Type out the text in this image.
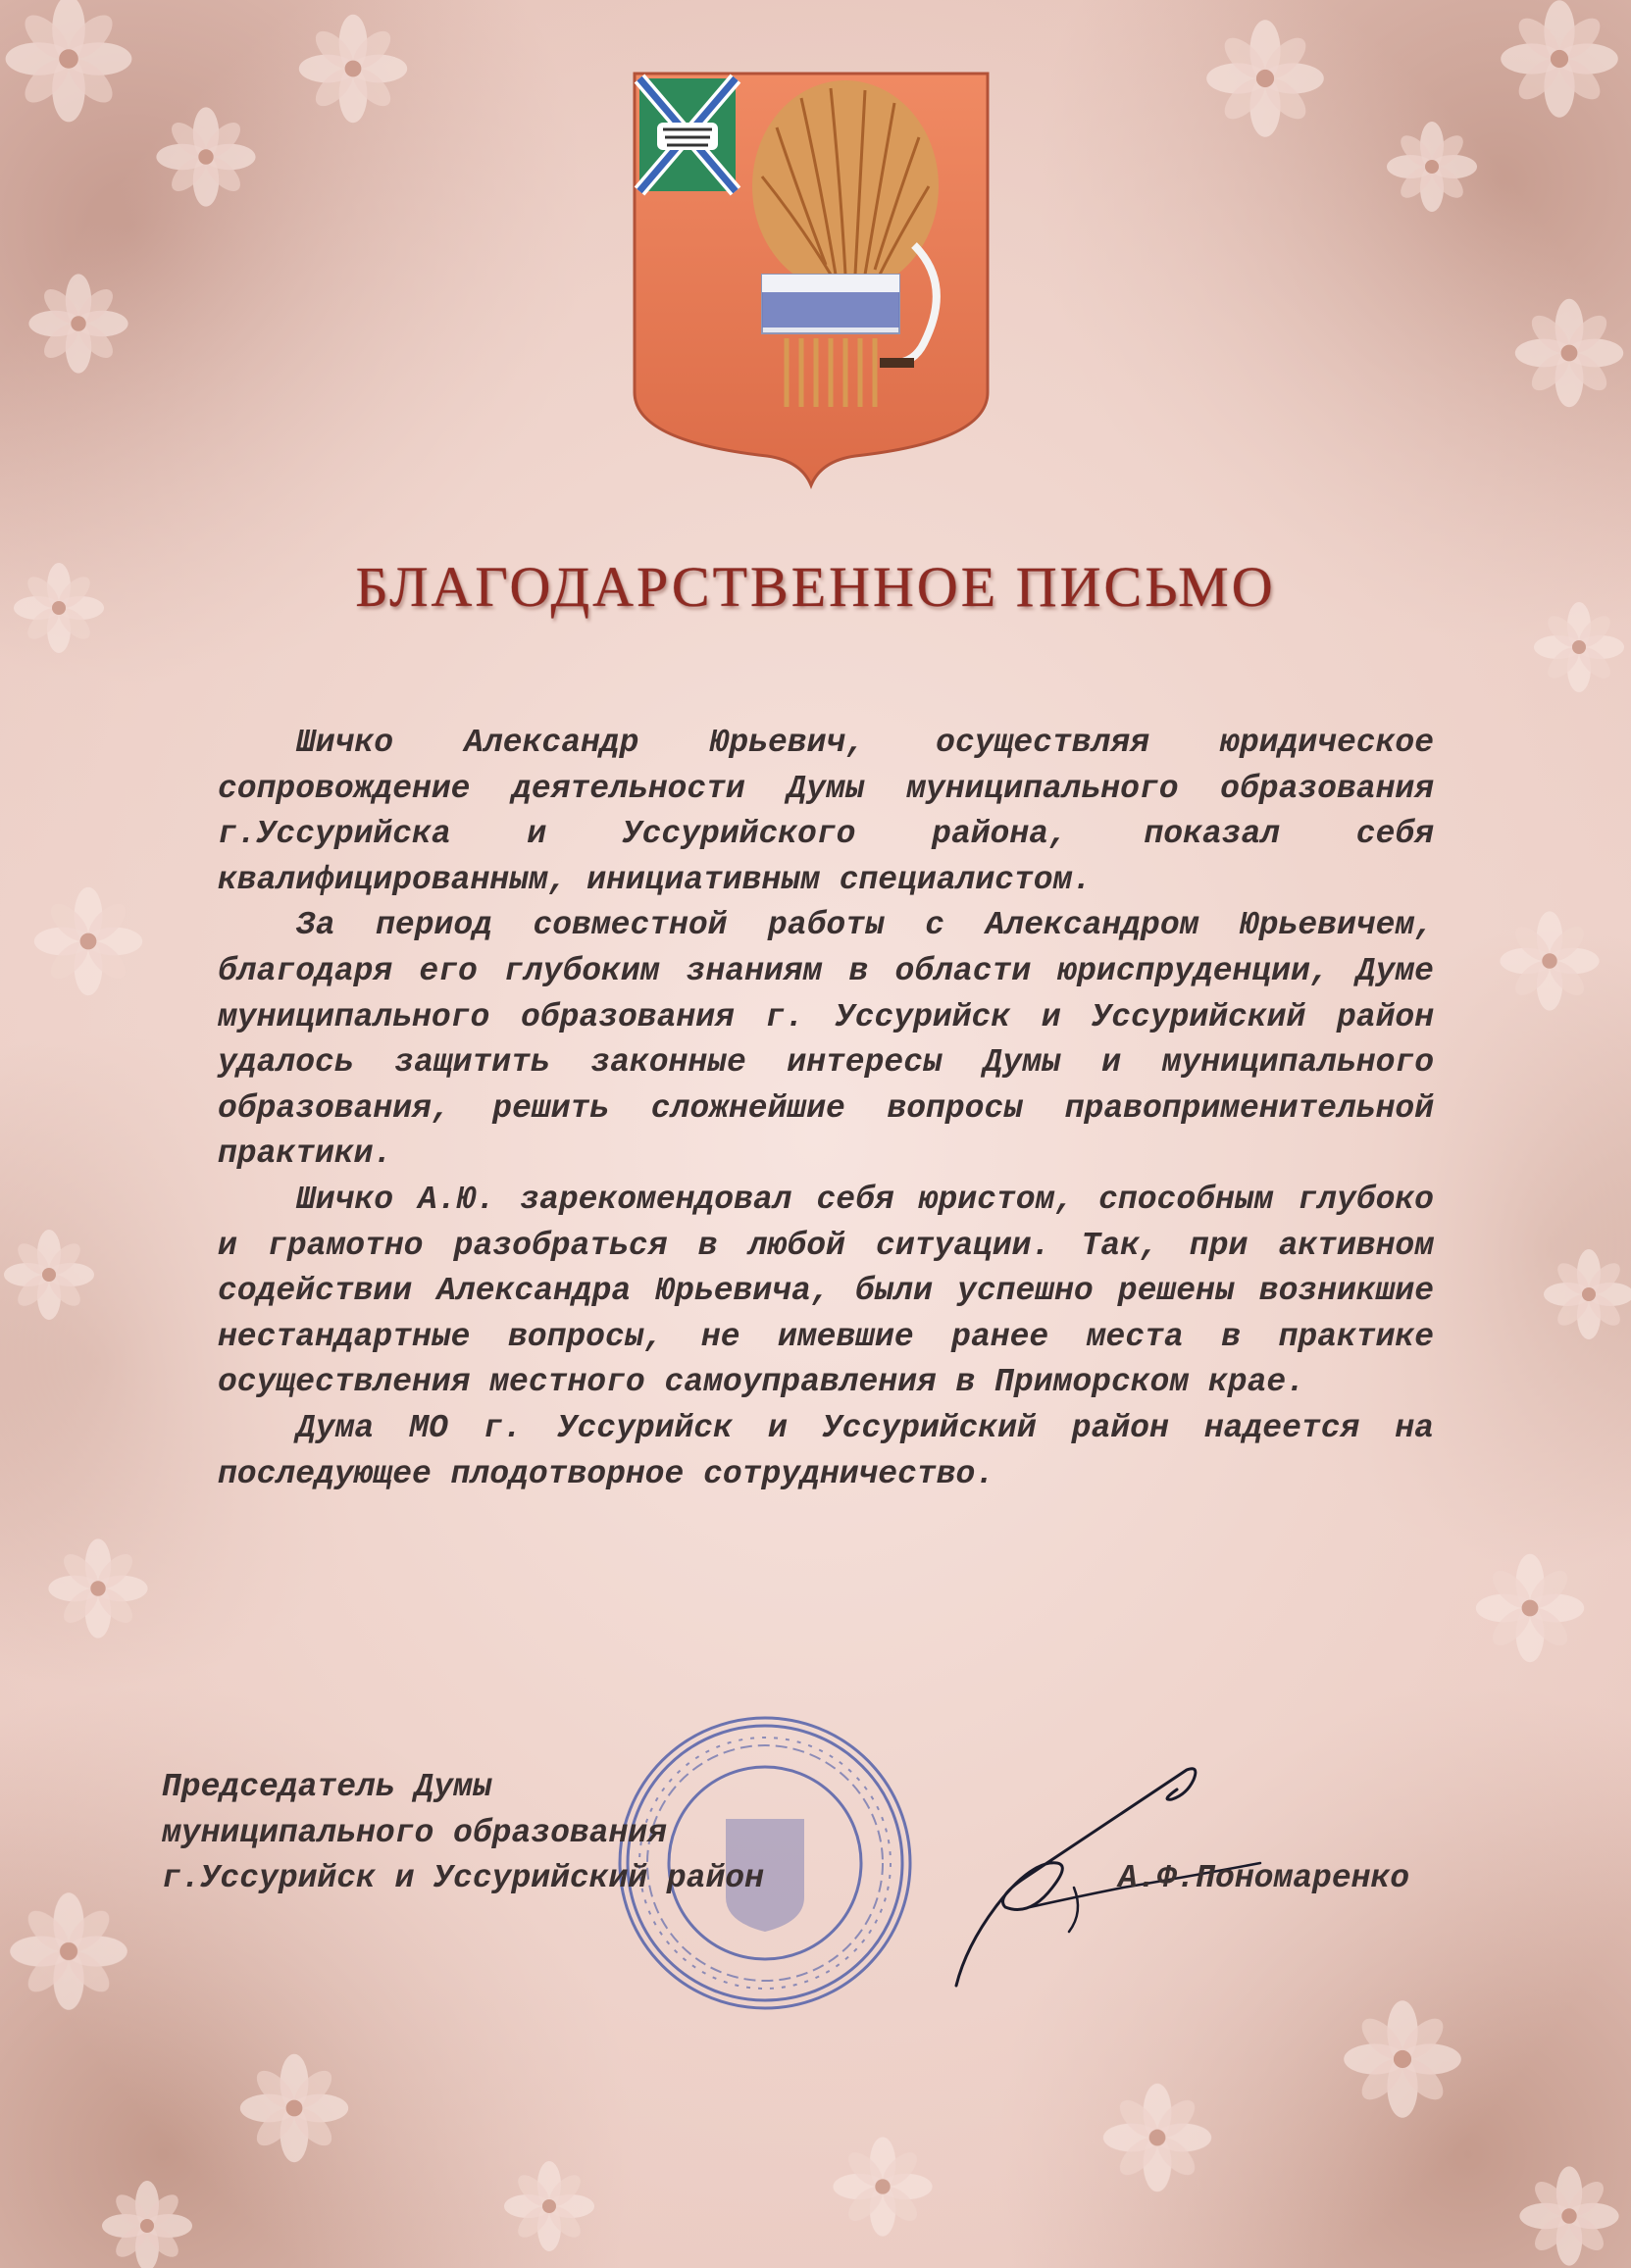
БЛАГОДАРСТВЕННОЕ ПИСЬМО

Шичко Александр Юрьевич, осуществляя юридическое сопровождение деятельности Думы муниципального образования г.Уссурийска и Уссурийского района, показал себя квалифицированным, инициативным специалистом.

За период совместной работы с Александром Юрьевичем, благодаря его глубоким знаниям в области юриспруденции, Думе муниципального образования г. Уссурийск и Уссурийский район удалось защитить законные интересы Думы и муниципального образования, решить сложнейшие вопросы правоприменительной практики.

Шичко А.Ю. зарекомендовал себя юристом, способным глубоко и грамотно разобраться в любой ситуации. Так, при активном содействии Александра Юрьевича, были успешно решены возникшие нестандартные вопросы, не имевшие ранее места в практике осуществления местного самоуправления в Приморском крае.

Дума МО г. Уссурийск и Уссурийский район надеется на последующее плодотворное сотрудничество.

Председатель Думы
муниципального образования
г.Уссурийск и Уссурийский район	А.Ф.Пономаренко
